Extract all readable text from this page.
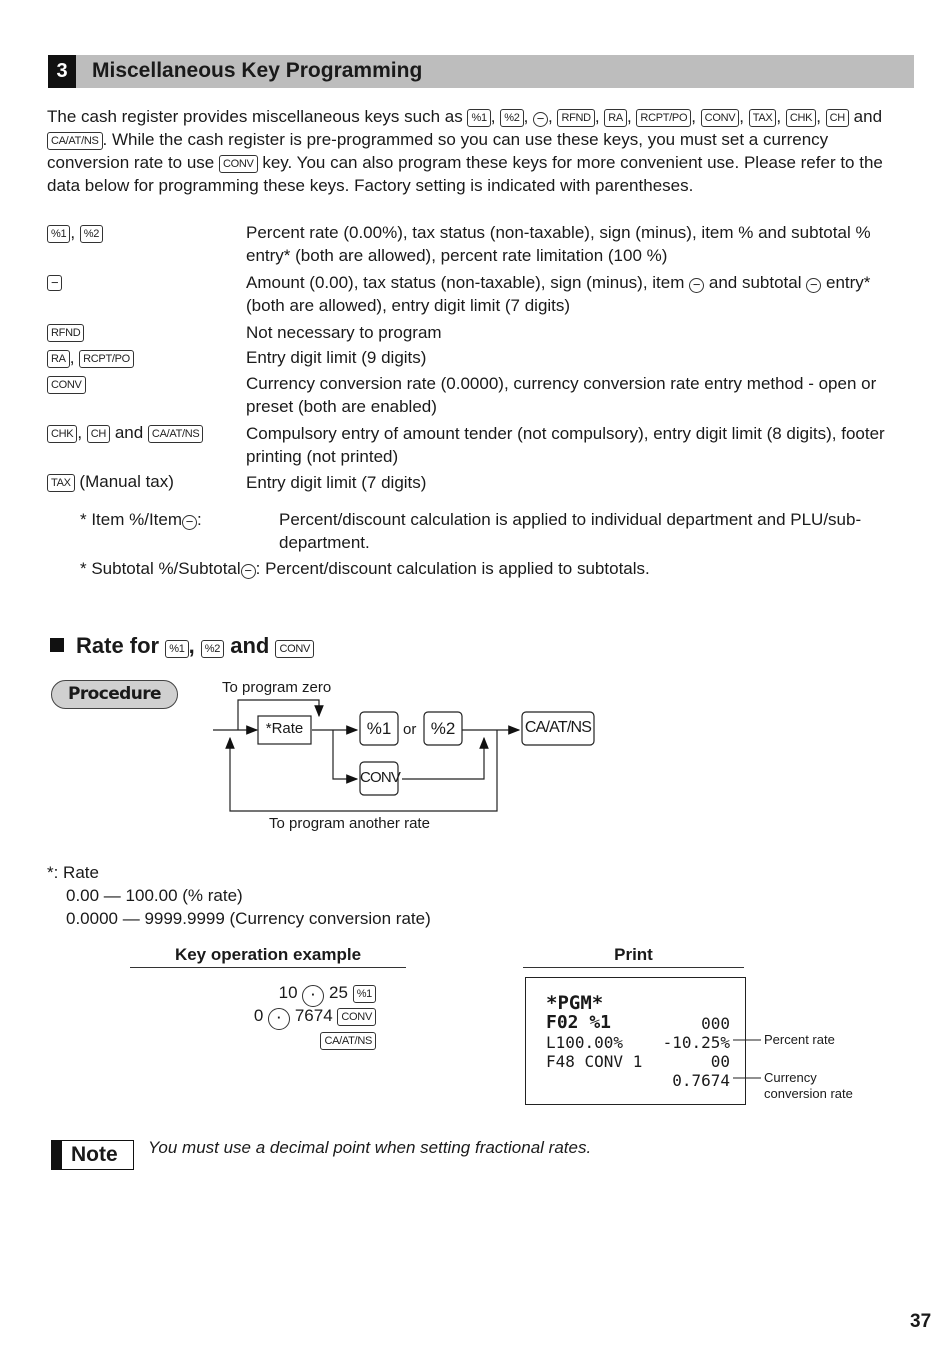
3	Miscellaneous Key Programming
The cash register provides miscellaneous keys such as %1 , %2 , − , RFND , RA , RCPT/PO , CONV , TAX , CHK , CH and
CA/AT/NS . While the cash register is pre-programmed so you can use these keys, you must set a currency
conversion rate to use CONV key. You can also program these keys for more convenient use. Please refer to the
data below for programming these keys. Factory setting is indicated with parentheses.
%1 , %2	Percent rate (0.00%), tax status (non-taxable), sign (minus), item % and subtotal %
entry* (both are allowed), percent rate limitation (100 %)
−	Amount (0.00), tax status (non-taxable), sign (minus), item − and subtotal − entry*
(both are allowed), entry digit limit (7 digits)
RFND	Not necessary to program
RA , RCPT/PO	Entry digit limit (9 digits)
CONV	Currency conversion rate (0.0000), currency conversion rate entry method - open or
preset (both are enabled)
CHK , CH and CA/AT/NS	Compulsory entry of amount tender (not compulsory), entry digit limit (8 digits), footer
printing (not printed)
TAX (Manual tax)	Entry digit limit (7 digits)
* Item %/Item − :	Percent/discount calculation is applied to individual department and PLU/sub-
department.
* Subtotal %/Subtotal − : Percent/discount calculation is applied to subtotals.
Rate for %1 , %2 and CONV
Procedure	To program zero
*Rate	%1 or %2
CONV
CA/AT/NS
To program another rate
*: Rate
0.00 — 100.00 (% rate)
0.0000 — 9999.9999 (Currency conversion rate)
Key operation example
10 · 25 %1
0 · 7674 CONV
CA/AT/NS
Print
*PGM*
F02 %1	000
L100.00% -10.25%
F48 CONV 1	00
0.7674
Percent rate
Currency
conversion rate
Note	You must use a decimal point when setting fractional rates.
37
